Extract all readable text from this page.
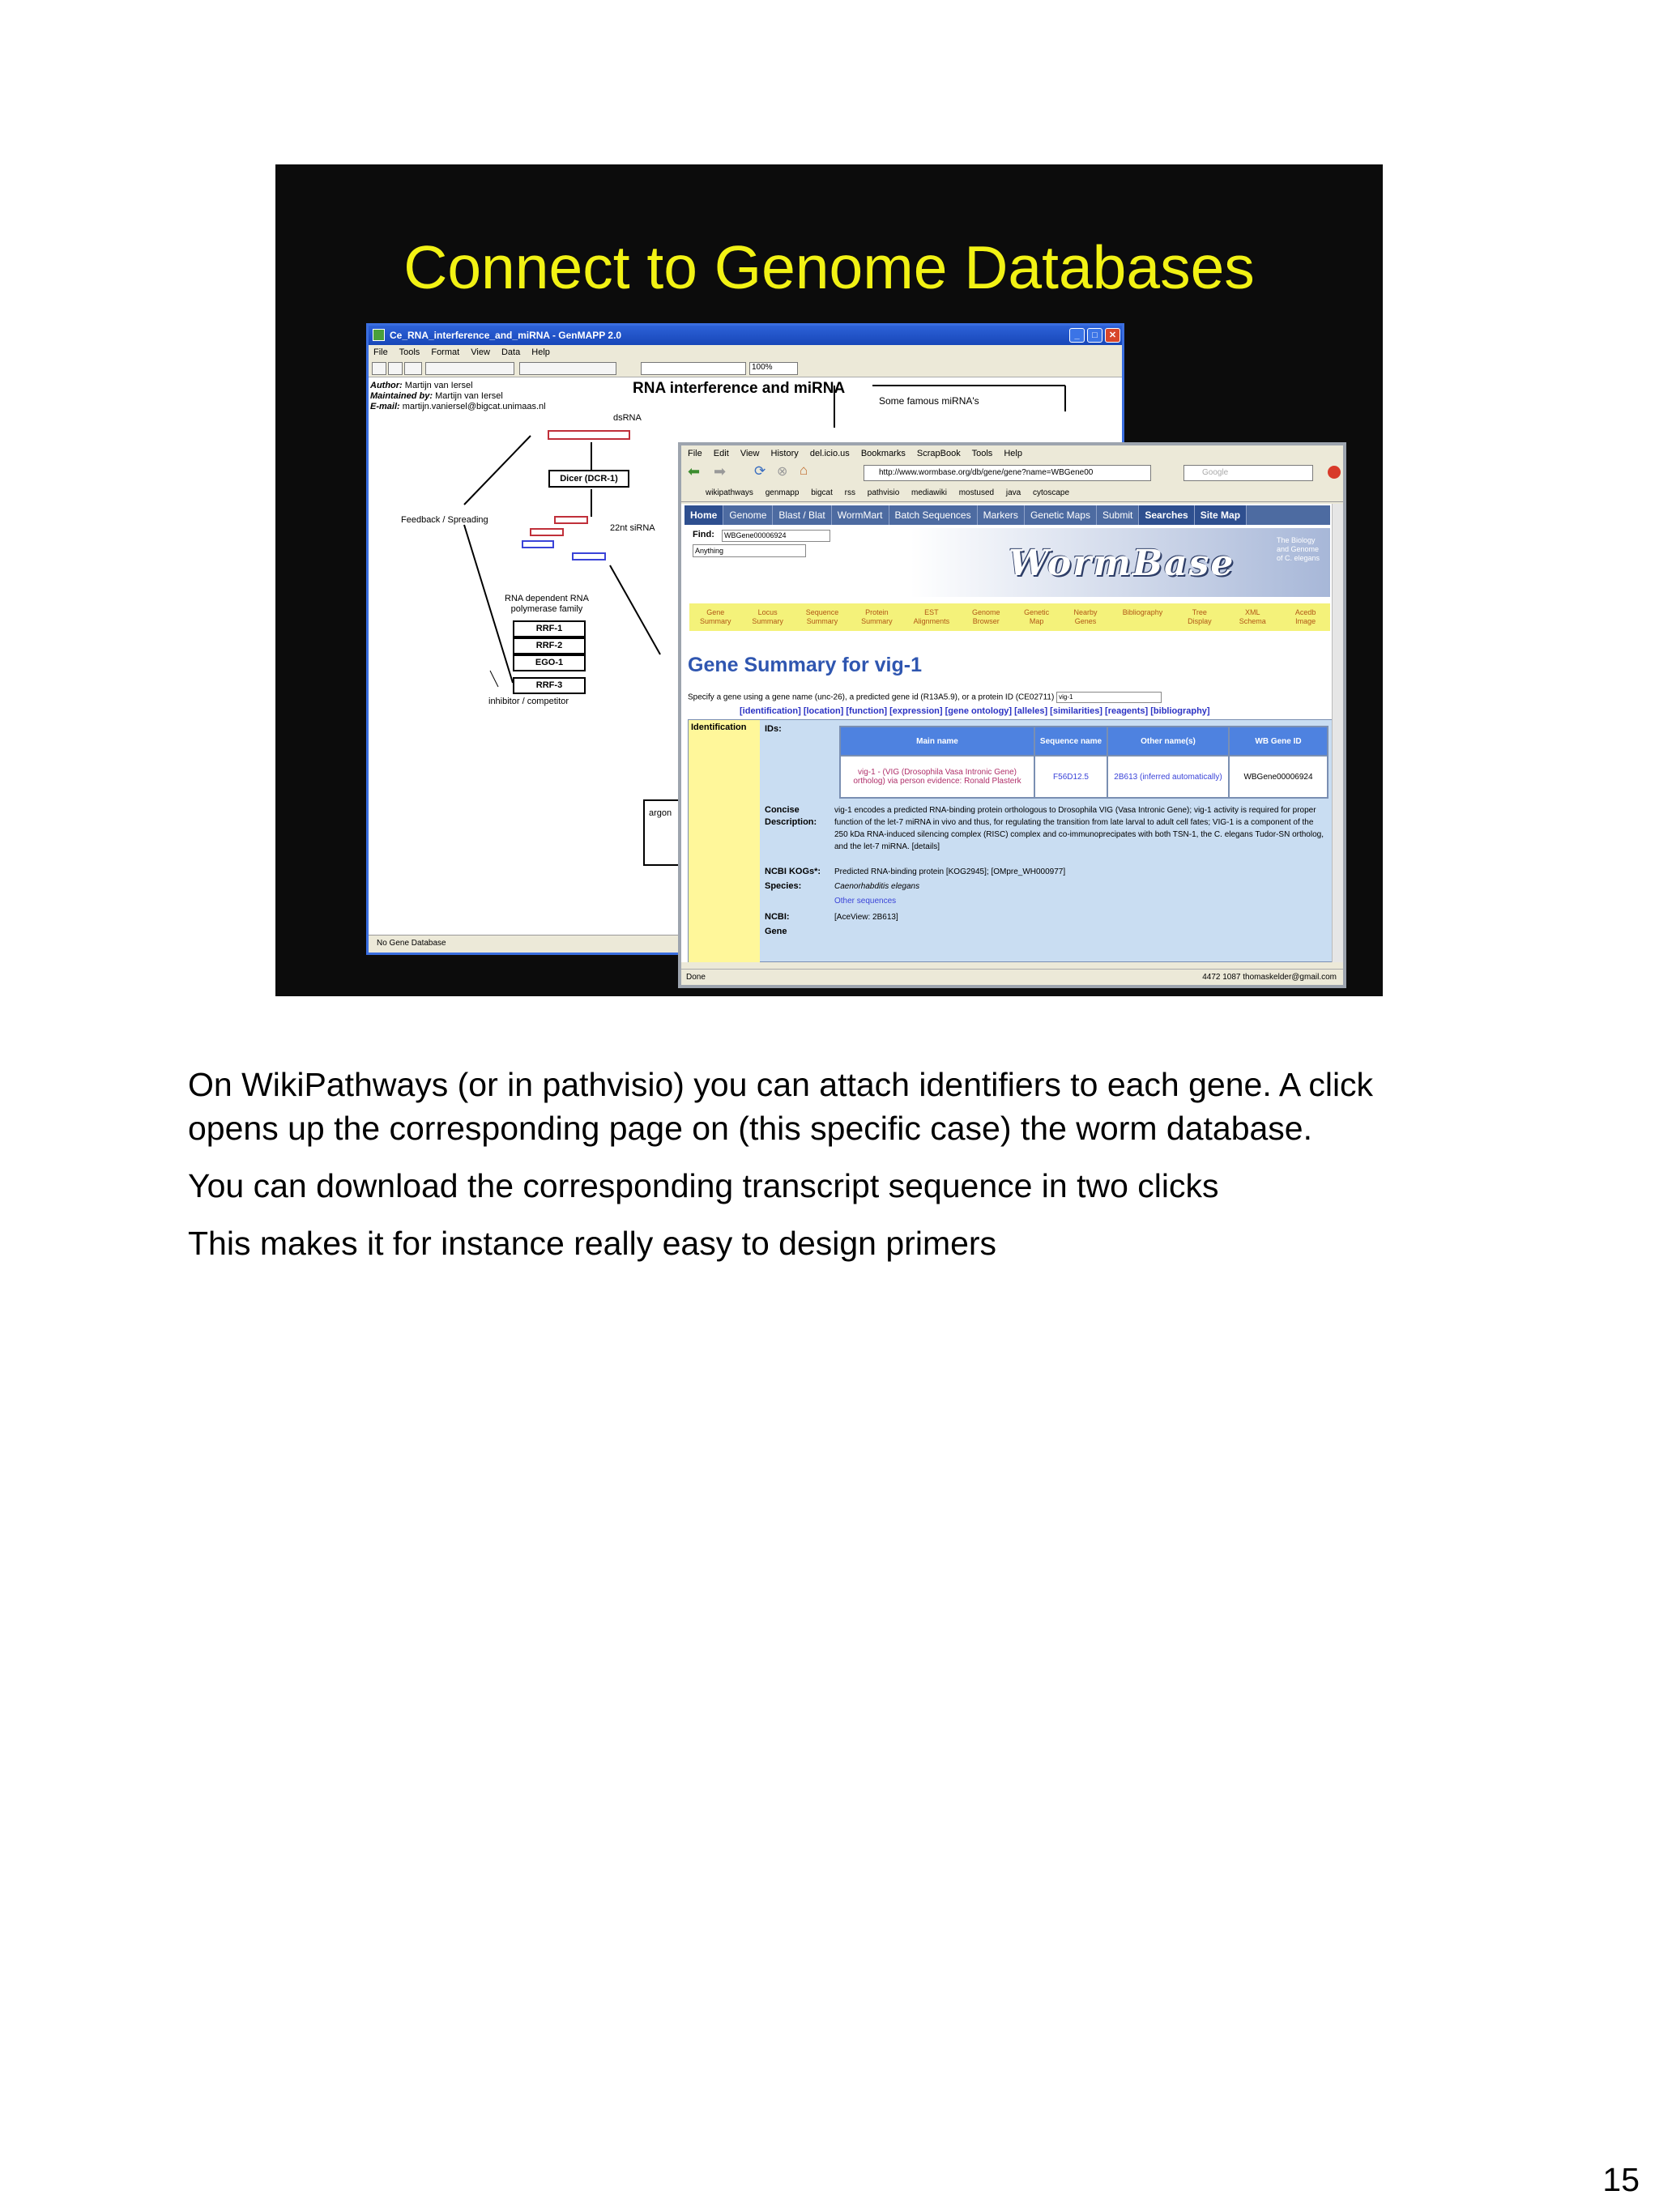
Connect to Genome Databases
Ce_RNA_interference_and_miRNA - GenMAPP 2.0	_	□	✕
File Tools Format View Data Help
100%
Author: Martijn van Iersel
Maintained by: Martijn van Iersel
E-mail: martijn.vaniersel@bigcat.unimaas.nl
RNA interference and miRNA
Some famous miRNA's
dsRNA
Dicer (DCR-1)
Feedback / Spreading
22nt siRNA
RNA dependent RNA polymerase family
RRF-1
RRF-2
EGO-1
RRF-3
inhibitor / competitor
argon
No Gene Database
File Edit View History del.icio.us Bookmarks ScrapBook Tools Help
⬅ ➡ ⟳ ⊗ ⌂	http://www.wormbase.org/db/gene/gene?name=WBGene00	Google
wikipathways genmapp bigcat rss pathvisio mediawiki mostused java cytoscape
Home	Genome	Blast / Blat	WormMart	Batch Sequences	Markers	Genetic Maps	Submit	Searches	Site Map
Find:	WBGene00006924
Anything	WormBase
The Biology and Genome of C. elegans
Gene Summary
Locus Summary
Sequence Summary
Protein Summary
EST Alignments
Genome Browser
Genetic Map
Nearby Genes
Bibliography	Tree Display
XML Schema
Acedb Image
Gene Summary for vig-1
Specify a gene using a gene name (unc-26), a predicted gene id (R13A5.9), or a protein ID (CE02711) vig-1
[identification] [location] [function] [expression] [gene ontology] [alleles] [similarities] [reagents] [bibliography]
Identification	IDs:
Main name	Sequence name	Other name(s)	WB Gene ID
vig-1 - (VIG (Drosophila Vasa Intronic Gene) ortholog) via person evidence: Ronald Plasterk	F56D12.5	2B613 (inferred automatically)	WBGene00006924
Concise Description:
vig-1 encodes a predicted RNA-binding protein orthologous to Drosophila VIG (Vasa Intronic Gene); vig-1 activity is required for proper function of the let-7 miRNA in vivo and thus, for regulating the transition from late larval to adult cell fates; VIG-1 is a component of the 250 kDa RNA-induced silencing complex (RISC) complex and co-immunoprecipates with both TSN-1, the C. elegans Tudor-SN ortholog, and the let-7 miRNA. [details]
NCBI KOGs*: Predicted RNA-binding protein [KOG2945]; [OMpre_WH000977]
Species:	Caenorhabditis elegans
Other sequences
NCBI:	[AceView: 2B613]
Gene
Done	4472 1087 thomaskelder@gmail.com

On WikiPathways (or in pathvisio) you can attach identifiers to each gene. A click opens up the corresponding page on (this specific case) the worm database.

You can download the corresponding transcript sequence in two clicks

This makes it for instance really easy to design primers

15
